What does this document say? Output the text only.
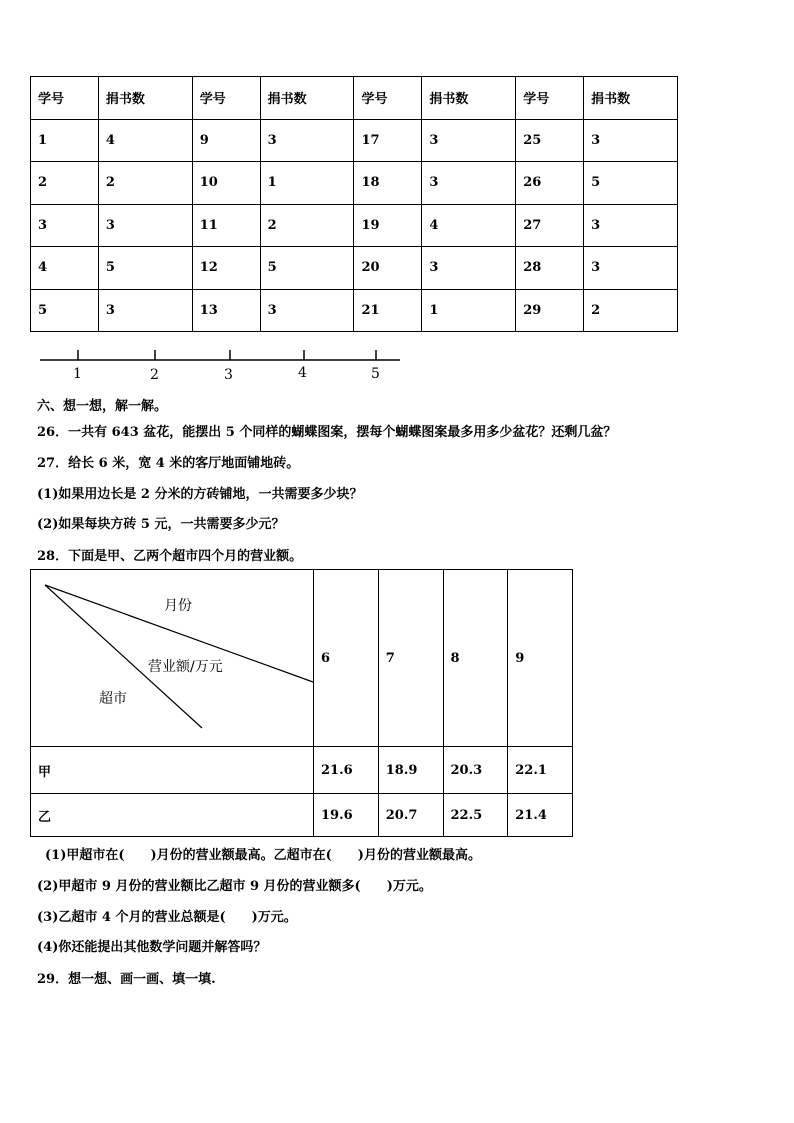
学号	捐书数	学号	捐书数	学号	捐书数	学号	捐书数
1	4	9	3	17	3	25	3
2	2	10	1	18	3	26	5
3	3	11	2	19	4	27	3
4	5	12	5	20	3	28	3
5	3	13	3	21	1	29	2
1	2	3	4	5
六、想一想，解一解。
26．一共有 643 盆花，能摆出 5 个同样的蝴蝶图案，摆每个蝴蝶图案最多用多少盆花？还剩几盆？
27．给长 6 米，宽 4 米的客厅地面铺地砖。
(1)如果用边长是 2 分米的方砖铺地，一共需要多少块？
(2)如果每块方砖 5 元，一共需要多少元？
28．下面是甲、乙两个超市四个月的营业额。
月份
营业额/万元
超市	6	7	8	9
甲	21.6	18.9	20.3	22.1
乙	19.6	20.7	22.5	21.4
(1)甲超市在(　　)月份的营业额最高。乙超市在(　　)月份的营业额最高。
(2)甲超市 9 月份的营业额比乙超市 9 月份的营业额多(　　)万元。
(3)乙超市 4 个月的营业总额是(　　)万元。
(4)你还能提出其他数学问题并解答吗？
29．想一想、画一画、填一填.
